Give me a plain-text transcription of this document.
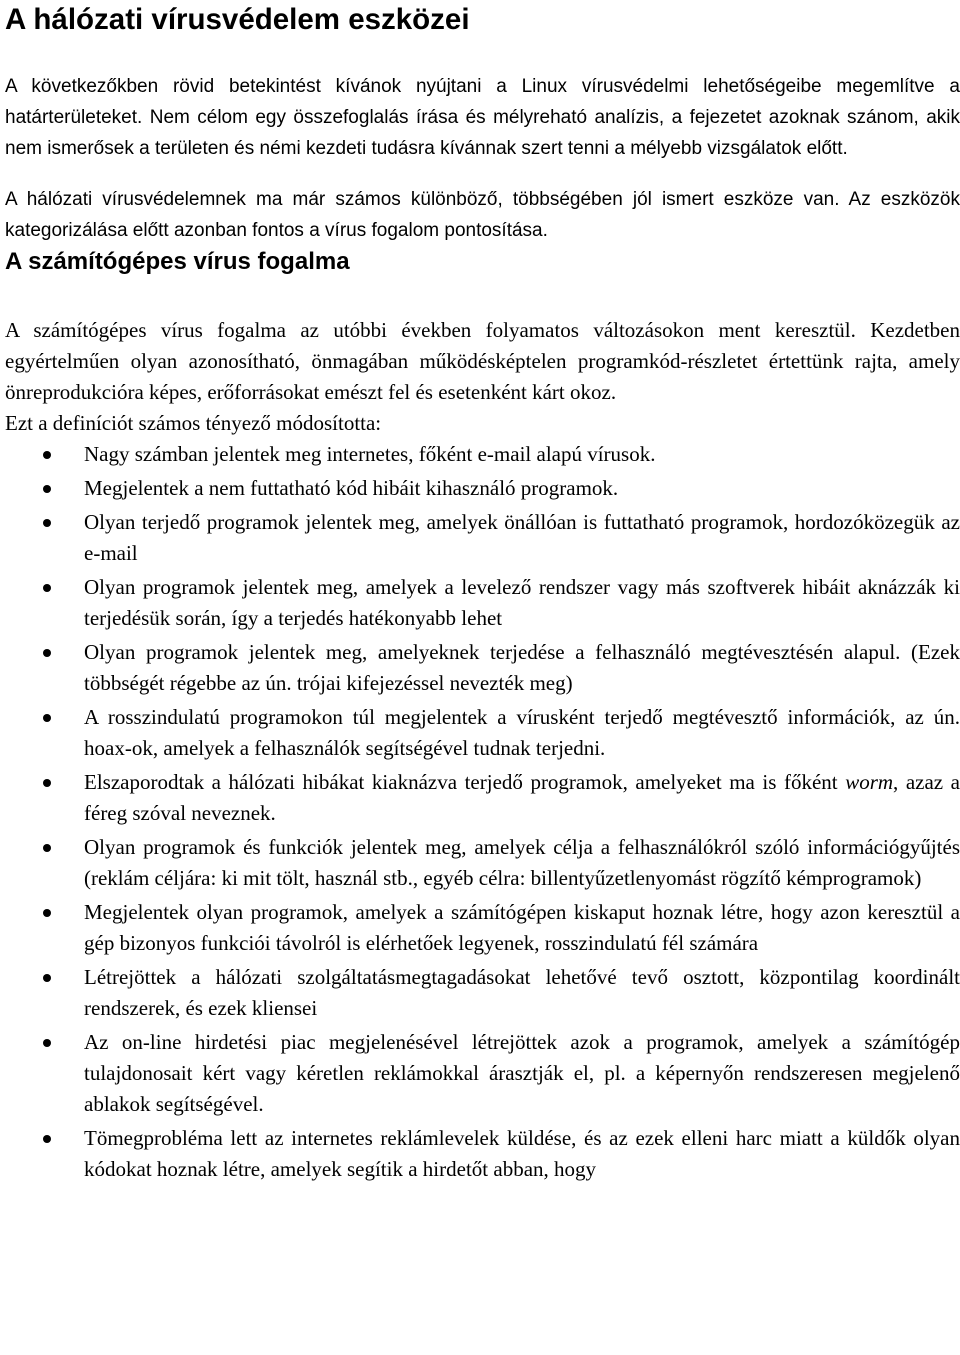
A hálózati vírusvédelem eszközei

A következőkben rövid betekintést kívánok nyújtani a Linux vírusvédelmi lehetőségeibe megemlítve a határterületeket. Nem célom egy összefoglalás írása és mélyreható analízis, a fejezetet azoknak szánom, akik nem ismerősek a területen és némi kezdeti tudásra kívánnak szert tenni a mélyebb vizsgálatok előtt.

A hálózati vírusvédelemnek ma már számos különböző, többségében jól ismert eszköze van. Az eszközök kategorizálása előtt azonban fontos a vírus fogalom pontosítása.

A számítógépes vírus fogalma

A számítógépes vírus fogalma az utóbbi években folyamatos változásokon ment keresztül. Kezdetben egyértelműen olyan azonosítható, önmagában működésképtelen programkód-részletet értettünk rajta, amely önreprodukcióra képes, erőforrásokat emészt fel és esetenként kárt okoz.

Ezt a definíciót számos tényező módosította:

Nagy számban jelentek meg internetes, főként e-mail alapú vírusok.
Megjelentek a nem futtatható kód hibáit kihasználó programok.
Olyan terjedő programok jelentek meg, amelyek önállóan is futtatható programok, hordozóközegük az e-mail
Olyan programok jelentek meg, amelyek a levelező rendszer vagy más szoftverek hibáit aknázzák ki terjedésük során, így a terjedés hatékonyabb lehet
Olyan programok jelentek meg, amelyeknek terjedése a felhasználó megtévesztésén alapul. (Ezek többségét régebbe az ún. trójai kifejezéssel nevezték meg)
A rosszindulatú programokon túl megjelentek a vírusként terjedő megtévesztő információk, az ún. hoax-ok, amelyek a felhasználók segítségével tudnak terjedni.
Elszaporodtak a hálózati hibákat kiaknázva terjedő programok, amelyeket ma is főként worm, azaz a féreg szóval neveznek.
Olyan programok és funkciók jelentek meg, amelyek célja a felhasználókról szóló információgyűjtés (reklám céljára: ki mit tölt, használ stb., egyéb célra: billentyűzetlenyomást rögzítő kémprogramok)
Megjelentek olyan programok, amelyek a számítógépen kiskaput hoznak létre, hogy azon keresztül a gép bizonyos funkciói távolról is elérhetőek legyenek, rosszindulatú fél számára
Létrejöttek a hálózati szolgáltatásmegtagadásokat lehetővé tevő osztott, központilag koordinált rendszerek, és ezek kliensei
Az on-line hirdetési piac megjelenésével létrejöttek azok a programok, amelyek a számítógép tulajdonosait kért vagy kéretlen reklámokkal árasztják el, pl. a képernyőn rendszeresen megjelenő ablakok segítségével.
Tömegprobléma lett az internetes reklámlevelek küldése, és az ezek elleni harc miatt a küldők olyan kódokat hoznak létre, amelyek segítik a hirdetőt abban, hogy
